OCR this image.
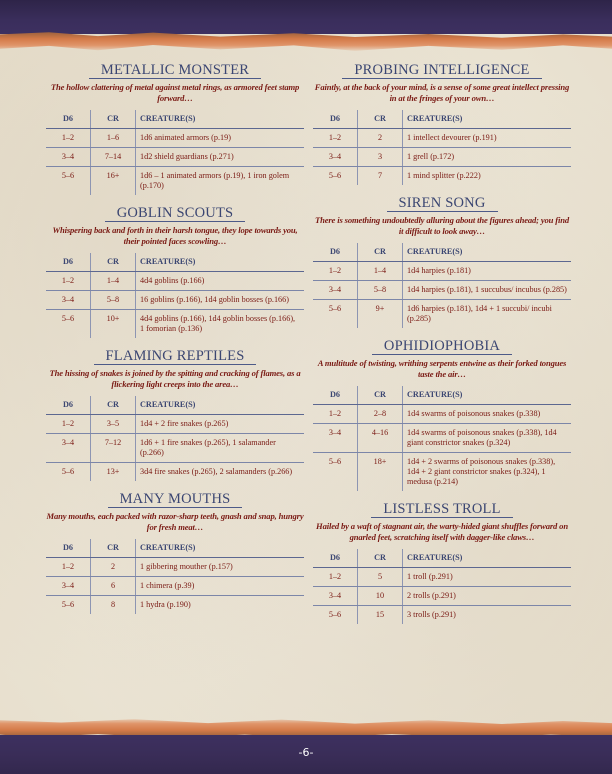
METALLIC MONSTER
The hollow clattering of metal against metal rings, as armored feet stamp forward…
D6	CR	CREATURE(S)
1–2	1–6	1d6 animated armors (p.19)
3–4	7–14	1d2 shield guardians (p.271)
5–6	16+	1d6 – 1 animated armors (p.19), 1 iron golem (p.170)
GOBLIN SCOUTS
Whispering back and forth in their harsh tongue, they lope towards you, their pointed faces scowling…
D6	CR	CREATURE(S)
1–2	1–4	4d4 goblins (p.166)
3–4	5–8	16 goblins (p.166), 1d4 goblin bosses (p.166)
5–6	10+	4d4 goblins (p.166), 1d4 goblin bosses (p.166), 1 fomorian (p.136)
FLAMING REPTILES
The hissing of snakes is joined by the spitting and cracking of flames, as a flickering light creeps into the area…
D6	CR	CREATURE(S)
1–2	3–5	1d4 + 2 fire snakes (p.265)
3–4	7–12	1d6 + 1 fire snakes (p.265), 1 salamander (p.266)
5–6	13+	3d4 fire snakes (p.265), 2 salamanders (p.266)
MANY MOUTHS
Many mouths, each packed with razor-sharp teeth, gnash and snap, hungry for fresh meat…
D6	CR	CREATURE(S)
1–2	2	1 gibbering mouther (p.157)
3–4	6	1 chimera (p.39)
5–6	8	1 hydra (p.190)
PROBING INTELLIGENCE
Faintly, at the back of your mind, is a sense of some great intellect pressing in at the fringes of your own…
D6	CR	CREATURE(S)
1–2	2	1 intellect devourer (p.191)
3–4	3	1 grell (p.172)
5–6	7	1 mind splitter (p.222)
SIREN SONG
There is something undoubtedly alluring about the figures ahead; you find it difficult to look away…
D6	CR	CREATURE(S)
1–2	1–4	1d4 harpies (p.181)
3–4	5–8	1d4 harpies (p.181), 1 succubus/ incubus (p.285)
5–6	9+	1d6 harpies (p.181), 1d4 + 1 succubi/ incubi (p.285)
OPHIDIOPHOBIA
A multitude of twisting, writhing serpents entwine as their forked tongues taste the air…
D6	CR	CREATURE(S)
1–2	2–8	1d4 swarms of poisonous snakes (p.338)
3–4	4–16	1d4 swarms of poisonous snakes (p.338), 1d4 giant constrictor snakes (p.324)
5–6	18+	1d4 + 2 swarms of poisonous snakes (p.338), 1d4 + 2 giant constrictor snakes (p.324), 1 medusa (p.214)
LISTLESS TROLL
Hailed by a waft of stagnant air, the warty-hided giant shuffles forward on gnarled feet, scratching itself with dagger-like claws…
D6	CR	CREATURE(S)
1–2	5	1 troll (p.291)
3–4	10	2 trolls (p.291)
5–6	15	3 trolls (p.291)
-6-
